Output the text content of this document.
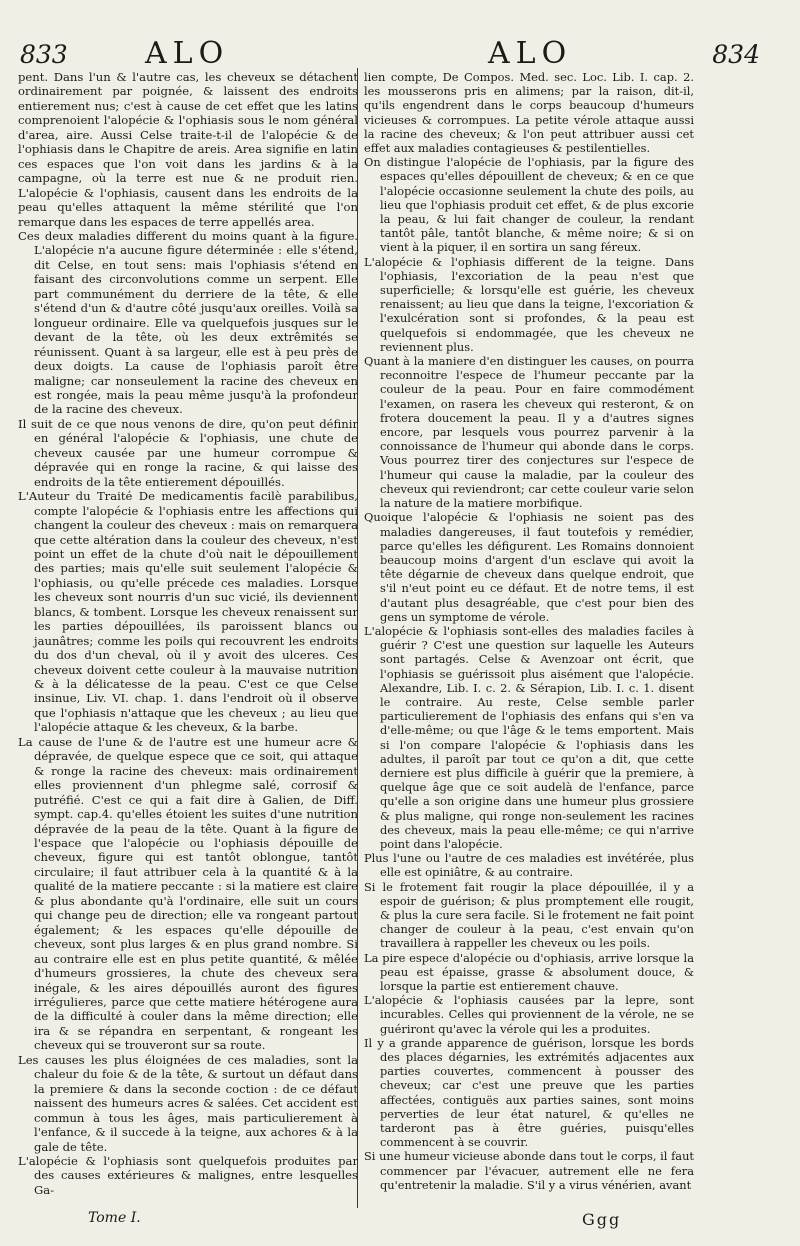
833	ALO	ALO	834

pent. Dans l'un & l'autre cas, les cheveux se détachent ordinairement par poignée, & laissent des endroits entierement nus; c'est à cause de cet effet que les latins comprenoient l'alopécie & l'ophiasis sous le nom général d'area, aire. Aussi Celse traite-t-il de l'alopécie & de l'ophiasis dans le Chapitre de areis. Area signifie en latin ces espaces que l'on voit dans les jardins & à la campagne, où la terre est nue & ne produit rien. L'alopécie & l'ophiasis, causent dans les endroits de la peau qu'elles attaquent la même stérilité que l'on remarque dans les espaces de terre appellés area.

Ces deux maladies different du moins quant à la figure. L'alopécie n'a aucune figure déterminée : elle s'étend, dit Celse, en tout sens: mais l'ophiasis s'étend en faisant des circonvolutions comme un serpent. Elle part communément du derriere de la tête, & elle s'étend d'un & d'autre côté jusqu'aux oreilles. Voilà sa longueur ordinaire. Elle va quelquefois jusques sur le devant de la tête, où les deux extrêmités se réunissent. Quant à sa largeur, elle est à peu près de deux doigts. La cause de l'ophiasis paroît être maligne; car nonseulement la racine des cheveux en est rongée, mais la peau même jusqu'à la profondeur de la racine des cheveux.

Il suit de ce que nous venons de dire, qu'on peut définir en général l'alopécie & l'ophiasis, une chute de cheveux causée par une humeur corrompue & dépravée qui en ronge la racine, & qui laisse des endroits de la tête entierement dépouillés.

L'Auteur du Traité De medicamentis facilè parabilibus, compte l'alopécie & l'ophiasis entre les affections qui changent la couleur des cheveux : mais on remarquera que cette altération dans la couleur des cheveux, n'est point un effet de la chute d'où nait le dépouillement des parties; mais qu'elle suit seulement l'alopécie & l'ophiasis, ou qu'elle précede ces maladies. Lorsque les cheveux sont nourris d'un suc vicié, ils deviennent blancs, & tombent. Lorsque les cheveux renaissent sur les parties dépouillées, ils paroissent blancs ou jaunâtres; comme les poils qui recouvrent les endroits du dos d'un cheval, où il y avoit des ulceres. Ces cheveux doivent cette couleur à la mauvaise nutrition & à la délicatesse de la peau. C'est ce que Celse insinue, Liv. VI. chap. 1. dans l'endroit où il observe que l'ophiasis n'attaque que les cheveux ; au lieu que l'alopécie attaque & les cheveux, & la barbe.

La cause de l'une & de l'autre est une humeur acre & dépravée, de quelque espece que ce soit, qui attaque & ronge la racine des cheveux: mais ordinairement elles proviennent d'un phlegme salé, corrosif & putréfié. C'est ce qui a fait dire à Galien, de Diff. sympt. cap.4. qu'elles étoient les suites d'une nutrition dépravée de la peau de la tête. Quant à la figure de l'espace que l'alopécie ou l'ophiasis dépouille de cheveux, figure qui est tantôt oblongue, tantôt circulaire; il faut attribuer cela à la quantité & à la qualité de la matiere peccante : si la matiere est claire & plus abondante qu'à l'ordinaire, elle suit un cours qui change peu de direction; elle va rongeant partout également; & les espaces qu'elle dépouille de cheveux, sont plus larges & en plus grand nombre. Si au contraire elle est en plus petite quantité, & mêlée d'humeurs grossieres, la chute des cheveux sera inégale, & les aires dépouillés auront des figures irrégulieres, parce que cette matiere hétérogene aura de la difficulté à couler dans la même direction; elle ira & se répandra en serpentant, & rongeant les cheveux qui se trouveront sur sa route.

Les causes les plus éloignées de ces maladies, sont la chaleur du foie & de la tête, & surtout un défaut dans la premiere & dans la seconde coction : de ce défaut naissent des humeurs acres & salées. Cet accident est commun à tous les âges, mais particulierement à l'enfance, & il succede à la teigne, aux achores & à la gale de tête.

L'alopécie & l'ophiasis sont quelquefois produites par des causes extérieures & malignes, entre lesquelles Ga-

lien compte, De Compos. Med. sec. Loc. Lib. I. cap. 2. les mousserons pris en alimens; par la raison, dit-il, qu'ils engendrent dans le corps beaucoup d'humeurs vicieuses & corrompues. La petite vérole attaque aussi la racine des cheveux; & l'on peut attribuer aussi cet effet aux maladies contagieuses & pestilentielles.

On distingue l'alopécie de l'ophiasis, par la figure des espaces qu'elles dépouillent de cheveux; & en ce que l'alopécie occasionne seulement la chute des poils, au lieu que l'ophiasis produit cet effet, & de plus excorie la peau, & lui fait changer de couleur, la rendant tantôt pâle, tantôt blanche, & même noire; & si on vient à la piquer, il en sortira un sang féreux.

L'alopécie & l'ophiasis different de la teigne. Dans l'ophiasis, l'excoriation de la peau n'est que superficielle; & lorsqu'elle est guérie, les cheveux renaissent; au lieu que dans la teigne, l'excoriation & l'exulcération sont si profondes, & la peau est quelquefois si endommagée, que les cheveux ne reviennent plus.

Quant à la maniere d'en distinguer les causes, on pourra reconnoitre l'espece de l'humeur peccante par la couleur de la peau. Pour en faire commodément l'examen, on rasera les cheveux qui resteront, & on frotera doucement la peau. Il y a d'autres signes encore, par lesquels vous pourrez parvenir à la connoissance de l'humeur qui abonde dans le corps. Vous pourrez tirer des conjectures sur l'espece de l'humeur qui cause la maladie, par la couleur des cheveux qui reviendront; car cette couleur varie selon la nature de la matiere morbifique.

Quoique l'alopécie & l'ophiasis ne soient pas des maladies dangereuses, il faut toutefois y remédier, parce qu'elles les défigurent. Les Romains donnoient beaucoup moins d'argent d'un esclave qui avoit la tête dégarnie de cheveux dans quelque endroit, que s'il n'eut point eu ce défaut. Et de notre tems, il est d'autant plus desagréable, que c'est pour bien des gens un symptome de vérole.

L'alopécie & l'ophiasis sont-elles des maladies faciles à guérir ? C'est une question sur laquelle les Auteurs sont partagés. Celse & Avenzoar ont écrit, que l'ophiasis se guérissoit plus aisément que l'alopécie. Alexandre, Lib. I. c. 2. & Sérapion, Lib. I. c. 1. disent le contraire. Au reste, Celse semble parler particulierement de l'ophiasis des enfans qui s'en va d'elle-même; ou que l'âge & le tems emportent. Mais si l'on compare l'alopécie & l'ophiasis dans les adultes, il paroît par tout ce qu'on a dit, que cette derniere est plus difficile à guérir que la premiere, à quelque âge que ce soit audelà de l'enfance, parce qu'elle a son origine dans une humeur plus grossiere & plus maligne, qui ronge non-seulement les racines des cheveux, mais la peau elle-même; ce qui n'arrive point dans l'alopécie.

Plus l'une ou l'autre de ces maladies est invétérée, plus elle est opiniâtre, & au contraire.

Si le frotement fait rougir la place dépouillée, il y a espoir de guérison; & plus promptement elle rougit, & plus la cure sera facile. Si le frotement ne fait point changer de couleur à la peau, c'est envain qu'on travaillera à rappeller les cheveux ou les poils.

La pire espece d'alopécie ou d'ophiasis, arrive lorsque la peau est épaisse, grasse & absolument douce, & lorsque la partie est entierement chauve.

L'alopécie & l'ophiasis causées par la lepre, sont incurables. Celles qui proviennent de la vérole, ne se guériront qu'avec la vérole qui les a produites.

Il y a grande apparence de guérison, lorsque les bords des places dégarnies, les extrémités adjacentes aux parties couvertes, commencent à pousser des cheveux; car c'est une preuve que les parties affectées, contiguës aux parties saines, sont moins perverties de leur état naturel, & qu'elles ne tarderont pas à être guéries, puisqu'elles commencent à se couvrir.

Si une humeur vicieuse abonde dans tout le corps, il faut commencer par l'évacuer, autrement elle ne fera qu'entretenir la maladie. S'il y a virus vénérien, avant

Tome I.	Ggg
